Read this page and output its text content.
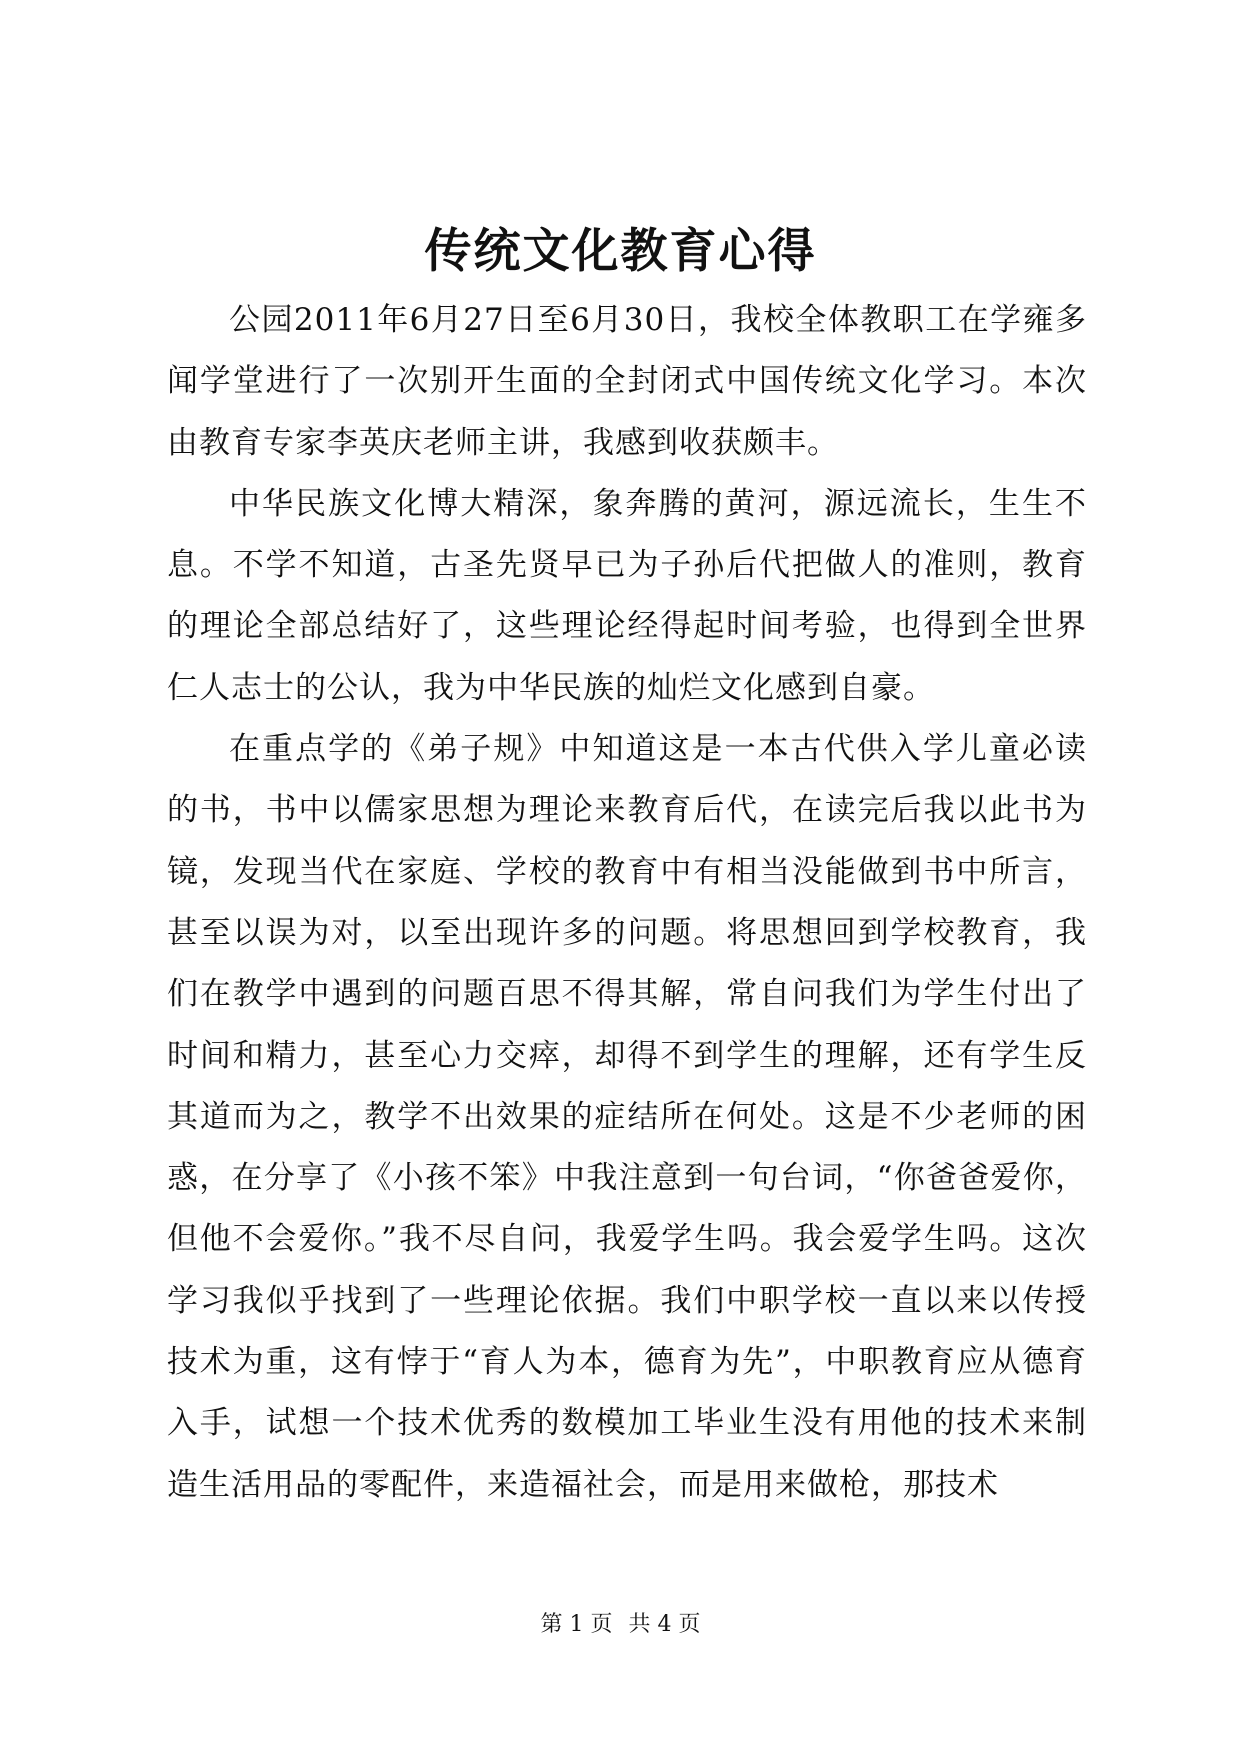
传统文化教育心得

公园2011年6月27日至6月30日，我校全体教职工在学雍多闻学堂进行了一次别开生面的全封闭式中国传统文化学习。本次由教育专家李英庆老师主讲，我感到收获颇丰。

中华民族文化博大精深，象奔腾的黄河，源远流长，生生不息。不学不知道，古圣先贤早已为子孙后代把做人的准则，教育的理论全部总结好了，这些理论经得起时间考验，也得到全世界仁人志士的公认，我为中华民族的灿烂文化感到自豪。

在重点学的《弟子规》中知道这是一本古代供入学儿童必读的书，书中以儒家思想为理论来教育后代，在读完后我以此书为镜，发现当代在家庭、学校的教育中有相当没能做到书中所言，甚至以误为对，以至出现许多的问题。将思想回到学校教育，我们在教学中遇到的问题百思不得其解，常自问我们为学生付出了时间和精力，甚至心力交瘁，却得不到学生的理解，还有学生反其道而为之，教学不出效果的症结所在何处。这是不少老师的困惑，在分享了《小孩不笨》中我注意到一句台词，“你爸爸爱你，但他不会爱你。”我不尽自问，我爱学生吗。我会爱学生吗。这次学习我似乎找到了一些理论依据。我们中职学校一直以来以传授技术为重，这有悖于“育人为本，德育为先”，中职教育应从德育入手，试想一个技术优秀的数模加工毕业生没有用他的技术来制造生活用品的零配件，来造福社会，而是用来做枪，那技术

第 1 页 共 4 页
